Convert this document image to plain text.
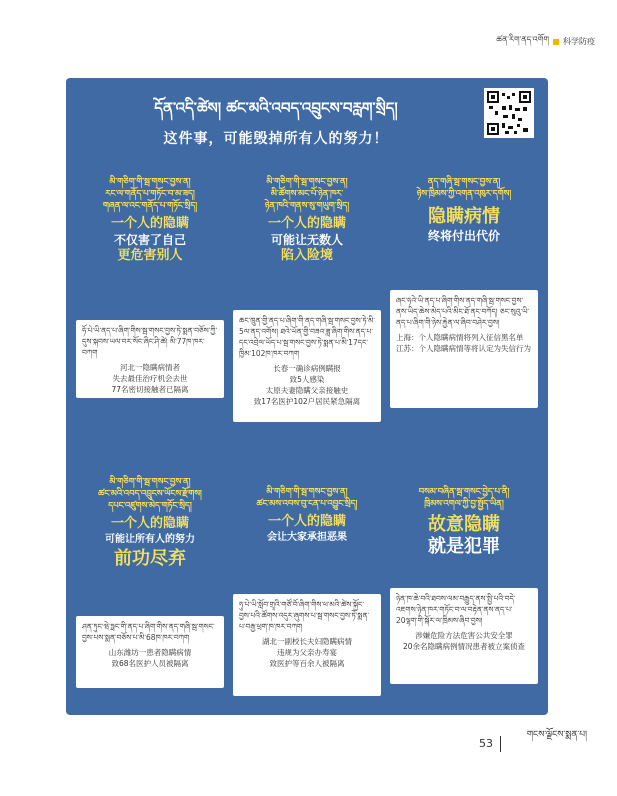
ཚན་རིག་ནད་འགོག 科学防疫
དོན་འདི་ཚེས། ཚང་མའི་འབད་འབྲུངས་བརླག་སྲིད།
这件事，可能毁掉所有人的努力！
མི་གཅིག་གི་སྦ་གསང་བྱས་ན།
རང་ལ་གནོད་པ་གཏོང་བ་མ་ཟད།
གཞན་ལ་འང་གནོད་པ་གཏོང་སྲིད།
一个人的隐瞒
不仅害了自己
更危害别人
ཧོ་པེ་ཡི་ནད་པ་ཞིག་གིས་སྦ་གསང་བྱས་ཏེ་སྨན་བཅོས་ཀྱི་དུས་སྐབས་ཡལ་བར་སོང་ཞིང་ཤི་ཚེ། མི་77ཁ་ཁར་བཀག
河北一隐瞒病情者
失去最佳治疗机会去世
77名密切接触者已隔离
མི་གཅིག་གི་སྦ་གསང་བྱས་ན།
མི་ཚོགས་མང་པོ་ཉེན་ཁར་
ཉེན་ཁའི་གནས་སུ་གཡུག་སྲིད།
一个人的隐瞒
可能让无数人
陷入险境
ཆང་ཁྲུན་གྱི་ནད་པ་ཞིག་གི་ནད་གཞི་སྦ་གསང་བྱས་ཏེ་མི་5ལ་ནད་འགོས། ཐའེ་ཡོན་གྱི་བཟའ་ཟླ་ཞིག་གིས་ནད་པ་དང་འབྲེལ་ཡོད་པ་སྦ་གསང་བྱས་ཏེ་སྨན་པ་མི་17དང་ཁྱིམ་102ཁ་ཁར་བཀག
长春一确诊病例瞒报
致5人感染
太原夫妻隐瞒父亲接触史
致17名医护102户居民紧急隔离
ནད་གཞི་སྦ་གསང་བྱས་ན།
ཉེས་ཁྲིམས་ཀྱི་འགན་འཁུར་དགོས།
隐瞒病情
终将付出代价
ཞང་ཧའེ་ཡི་ནད་པ་ཞིག་གིས་ནད་གཞི་སྦ་གསང་བྱས་ནས་ཡིད་ཆེས་མེད་པའི་མིང་ཐོ་ནང་བཀོད། ཅང་སུའུ་ཡི་ནད་པ་ཞིག་གི་ཉེས་རྐྱེན་ལ་ཞིབ་བཤེར་བྱས།
上海：个人隐瞒病情将列入征信黑名单
江苏：个人隐瞒病情等将认定为失信行为
མི་གཅིག་གི་སྦ་གསང་བྱས་ན།
ཚང་མའི་འབད་འབྲུངས་ཡོངས་རྫོགས།
དཔང་འཛུགས་མེད་གཏོང་སྲིད།
一个人的隐瞒
可能让所有人的努力
前功尽弃
ཤན་ཏུང་ཝེ་ཧྥང་གི་ནད་པ་ཞིག་གིས་ནད་གཞི་སྦ་གསང་བྱས་པས་སྨན་བཅོས་པ་མི་68ཁ་ཁར་བཀག
山东潍坊一患者隐瞒病情
致68名医护人员被隔离
མི་གཅིག་གི་སྦ་གསང་བྱས་ན།
ཚང་མས་འབས་བུ་ངན་པ་འབྱུང་སྲིད།
一个人的隐瞒
会让大家承担恶果
ཧུ་པེ་ཡི་སློབ་གྲྭའི་གཙོ་བོ་ཞིག་གིས་ཕ་མའི་ཚེས་སྐྱོང་བྱས་པའི་ཚོགས་འདུར་ཞུགས་པ་སྦ་གསང་བྱས་ཏེ་སྨན་པ་བརྒྱ་ཕྲག་ཁ་ཁར་བཀག
湖北一副校长夫妇隐瞒病情
违规为父亲办寿宴
致医护等百余人被隔离
བསམ་བཞིན་སྦ་གསང་བྱེད་པ་ནི།
ཁྲིམས་འགལ་ཀྱི་བྱ་སྤྱོད་ཡིན།
故意隐瞒
就是犯罪
ཉེན་ཁ་ཆེ་བའི་ཐབས་ལམ་བརྒྱུད་ནས་སྤྱི་པའི་བདེ་འཇགས་ཉེན་ཁར་གཏོང་བ་ལ་བརྟེན་ནས་ནད་པ་20ལྷག་གི་སྐོར་ལ་ཁྲིམས་ཞིབ་བྱས།
涉嫌危险方法危害公共安全罪
20余名隐瞒病例情况患者被立案侦查
53
གངས་ལྗོངས་སྨན་པ།
